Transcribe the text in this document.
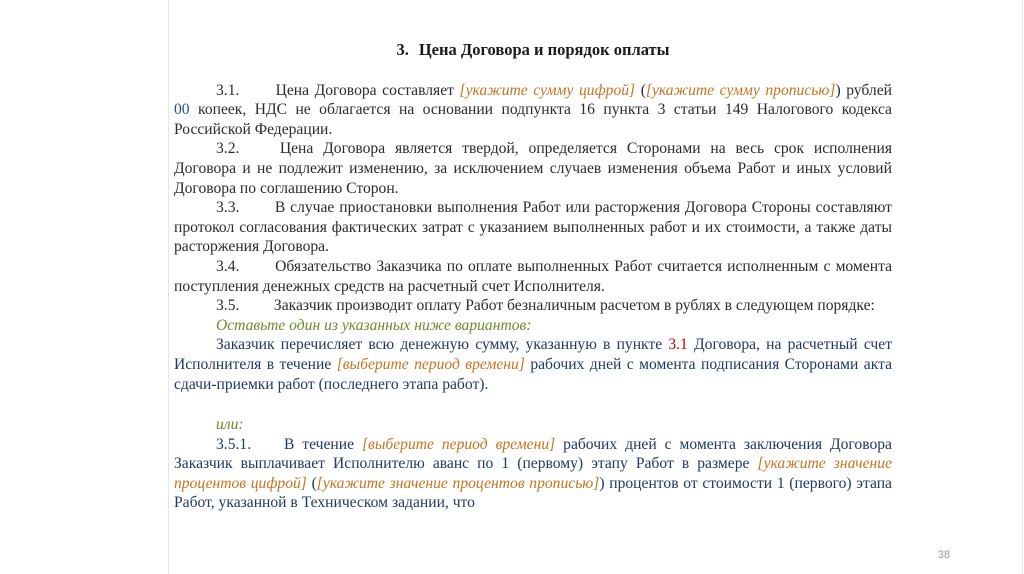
3. Цена Договора и порядок оплаты

3.1. Цена Договора составляет [укажите сумму цифрой] ([укажите сумму прописью]) рублей 00 копеек, НДС не облагается на основании подпункта 16 пункта 3 статьи 149 Налогового кодекса Российской Федерации.

3.2.	Цена Договора является твердой, определяется Сторонами на весь срок исполнения Договора и не подлежит изменению, за исключением случаев изменения объема Работ и иных условий Договора по соглашению Сторон.

3.3. В случае приостановки выполнения Работ или расторжения Договора Стороны составляют протокол согласования фактических затрат с указанием выполненных работ и их стоимости, а также даты расторжения Договора.

3.4. Обязательство Заказчика по оплате выполненных Работ считается исполненным с момента поступления денежных средств на расчетный счет Исполнителя.

3.5. Заказчик производит оплату Работ безналичным расчетом в рублях в следующем порядке:

Оставьте один из указанных ниже вариантов:

Заказчик перечисляет всю денежную сумму, указанную в пункте 3.1 Договора, на расчетный счет Исполнителя в течение [выберите период времени] рабочих дней с момента подписания Сторонами акта сдачи-приемки работ (последнего этапа работ).

или:

3.5.1. В течение [выберите период времени] рабочих дней с момента заключения Договора Заказчик выплачивает Исполнителю аванс по 1 (первому) этапу Работ в размере [укажите значение процентов цифрой] ([укажите значение процентов прописью]) процентов от стоимости 1 (первого) этапа Работ, указанной в Техническом задании, что

38
